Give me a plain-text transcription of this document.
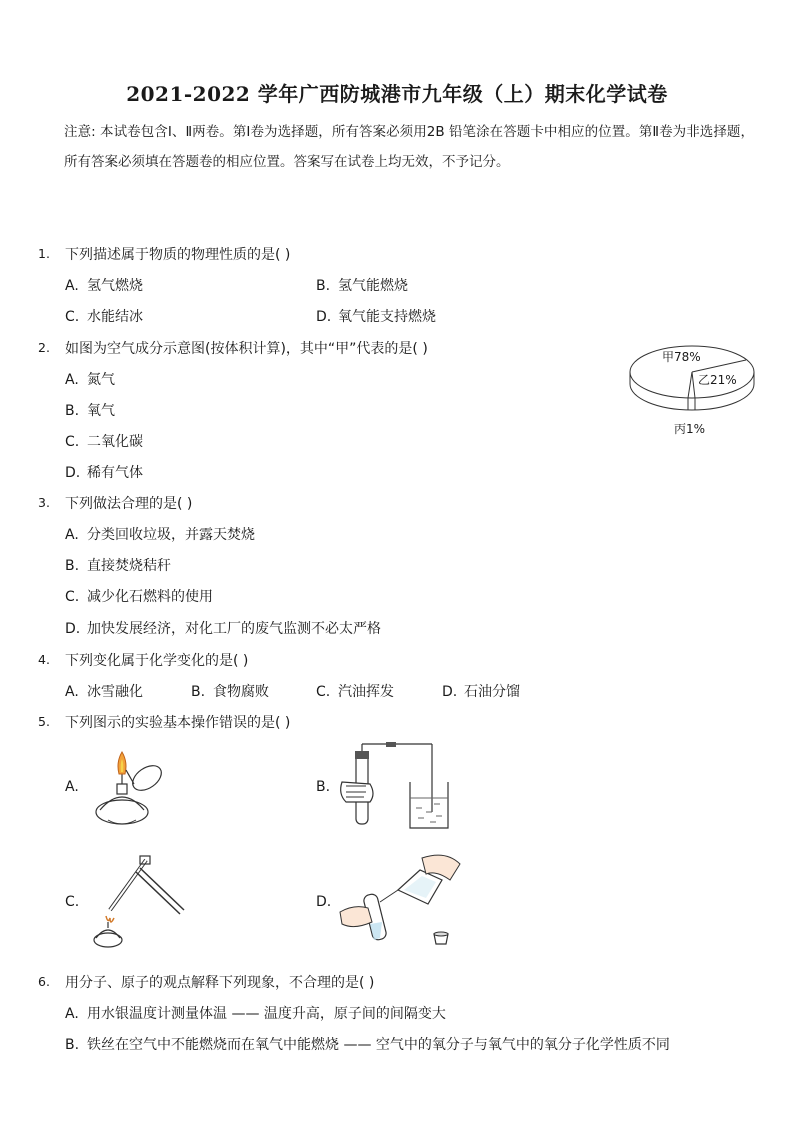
2021-2022 学年广西防城港市九年级（上）期末化学试卷
注意: 本试卷包含Ⅰ、Ⅱ两卷。第Ⅰ卷为选择题，所有答案必须用2B 铅笔涂在答题卡中相应的位置。第Ⅱ卷为非选择题，所有答案必须填在答题卷的相应位置。答案写在试卷上均无效，不予记分。
1. 下列描述属于物质的物理性质的是( )
A. 氢气燃烧	B. 氢气能燃烧
C. 水能结冰	D. 氧气能支持燃烧
2. 如图为空气成分示意图(按体积计算)，其中“甲”代表的是( )
A. 氮气
B. 氧气
C. 二氧化碳
D. 稀有气体
甲78%
乙21%
丙1%
3. 下列做法合理的是( )
A. 分类回收垃圾，并露天焚烧
B. 直接焚烧秸秆
C. 减少化石燃料的使用
D. 加快发展经济，对化工厂的废气监测不必太严格
4. 下列变化属于化学变化的是( )
A. 冰雪融化	B. 食物腐败	C. 汽油挥发	D. 石油分馏
5. 下列图示的实验基本操作错误的是( )
A.	B.
C.	D.
6. 用分子、原子的观点解释下列现象，不合理的是( )
A. 用水银温度计测量体温 —— 温度升高，原子间的间隔变大
B. 铁丝在空气中不能燃烧而在氧气中能燃烧 —— 空气中的氧分子与氧气中的氧分子化学性质不同
